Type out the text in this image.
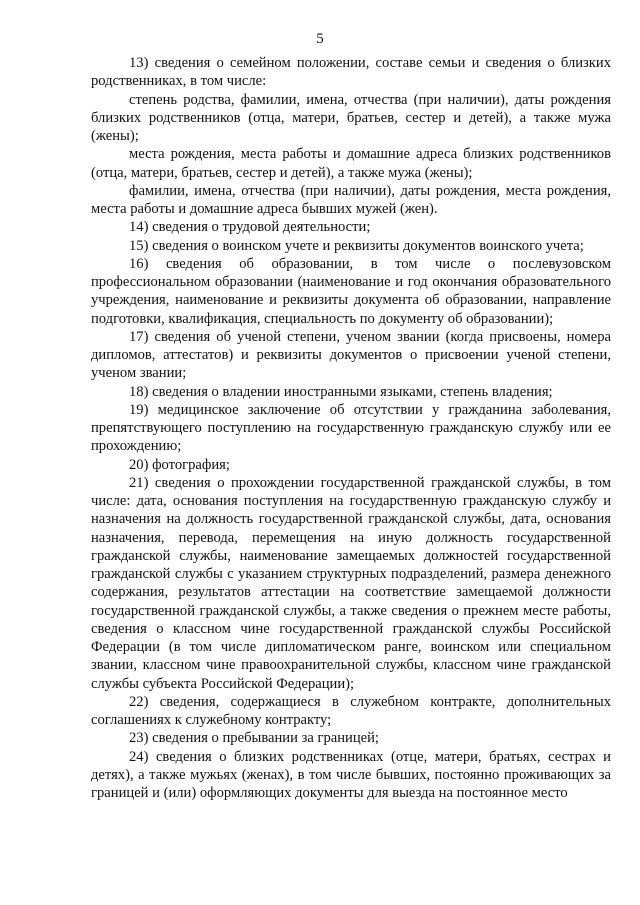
5

13) сведения о семейном положении, составе семьи и сведения о близких родственниках, в том числе:

степень родства, фамилии, имена, отчества (при наличии), даты рождения близких родственников (отца, матери, братьев, сестер и детей), а также мужа (жены);

места рождения, места работы и домашние адреса близких родственников (отца, матери, братьев, сестер и детей), а также мужа (жены);

фамилии, имена, отчества (при наличии), даты рождения, места рождения, места работы и домашние адреса бывших мужей (жен).

14) сведения о трудовой деятельности;

15) сведения о воинском учете и реквизиты документов воинского учета;

16) сведения об образовании, в том числе о послевузовском профессиональном образовании (наименование и год окончания образовательного учреждения, наименование и реквизиты документа об образовании, направление подготовки, квалификация, специальность по документу об образовании);

17) сведения об ученой степени, ученом звании (когда присвоены, номера дипломов, аттестатов) и реквизиты документов о присвоении ученой степени, ученом звании;

18) сведения о владении иностранными языками, степень владения;

19) медицинское заключение об отсутствии у гражданина заболевания, препятствующего поступлению на государственную гражданскую службу или ее прохождению;

20) фотография;

21) сведения о прохождении государственной гражданской службы, в том числе: дата, основания поступления на государственную гражданскую службу и назначения на должность государственной гражданской службы, дата, основания назначения, перевода, перемещения на иную должность государственной гражданской службы, наименование замещаемых должностей государственной гражданской службы с указанием структурных подразделений, размера денежного содержания, результатов аттестации на соответствие замещаемой должности государственной гражданской службы, а также сведения о прежнем месте работы, сведения о классном чине государственной гражданской службы Российской Федерации (в том числе дипломатическом ранге, воинском или специальном звании, классном чине правоохранительной службы, классном чине гражданской службы субъекта Российской Федерации);

22) сведения, содержащиеся в служебном контракте, дополнительных соглашениях к служебному контракту;

23) сведения о пребывании за границей;

24) сведения о близких родственниках (отце, матери, братьях, сестрах и детях), а также мужьях (женах), в том числе бывших, постоянно проживающих за границей и (или) оформляющих документы для выезда на постоянное место
